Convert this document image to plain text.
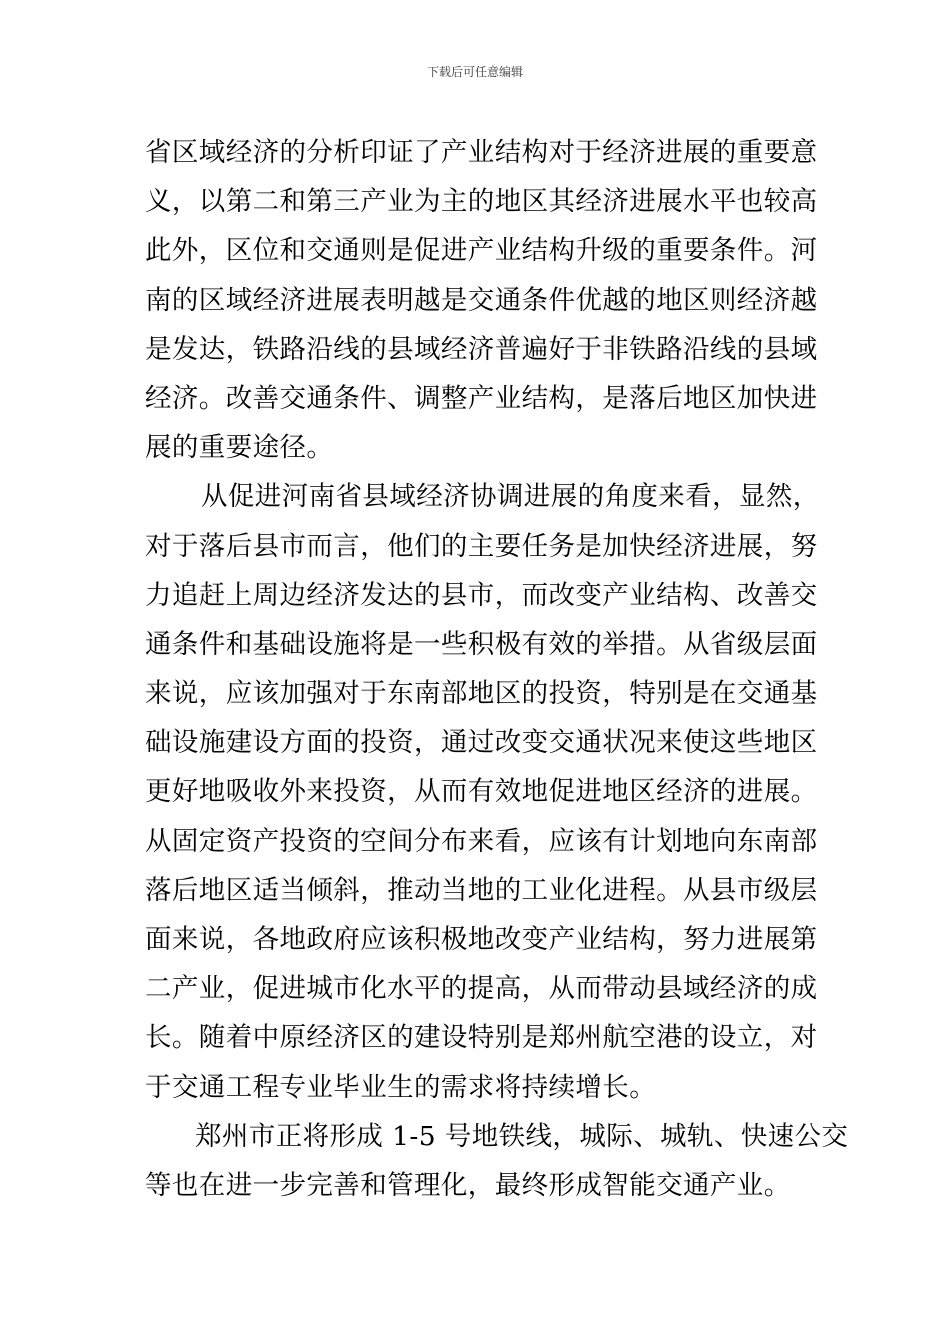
下载后可任意编辑
省区域经济的分析印证了产业结构对于经济进展的重要意
义，以第二和第三产业为主的地区其经济进展水平也较高
此外，区位和交通则是促进产业结构升级的重要条件。河
南的区域经济进展表明越是交通条件优越的地区则经济越
是发达，铁路沿线的县域经济普遍好于非铁路沿线的县域
经济。改善交通条件、调整产业结构，是落后地区加快进
展的重要途径。
从促进河南省县域经济协调进展的角度来看，显然，
对于落后县市而言，他们的主要任务是加快经济进展，努
力追赶上周边经济发达的县市，而改变产业结构、改善交
通条件和基础设施将是一些积极有效的举措。从省级层面
来说，应该加强对于东南部地区的投资，特别是在交通基
础设施建设方面的投资，通过改变交通状况来使这些地区
更好地吸收外来投资，从而有效地促进地区经济的进展。
从固定资产投资的空间分布来看，应该有计划地向东南部
落后地区适当倾斜，推动当地的工业化进程。从县市级层
面来说，各地政府应该积极地改变产业结构，努力进展第
二产业，促进城市化水平的提高，从而带动县域经济的成
长。随着中原经济区的建设特别是郑州航空港的设立，对
于交通工程专业毕业生的需求将持续增长。
郑州市正将形成 1-5 号地铁线，城际、城轨、快速公交
等也在进一步完善和管理化，最终形成智能交通产业。
